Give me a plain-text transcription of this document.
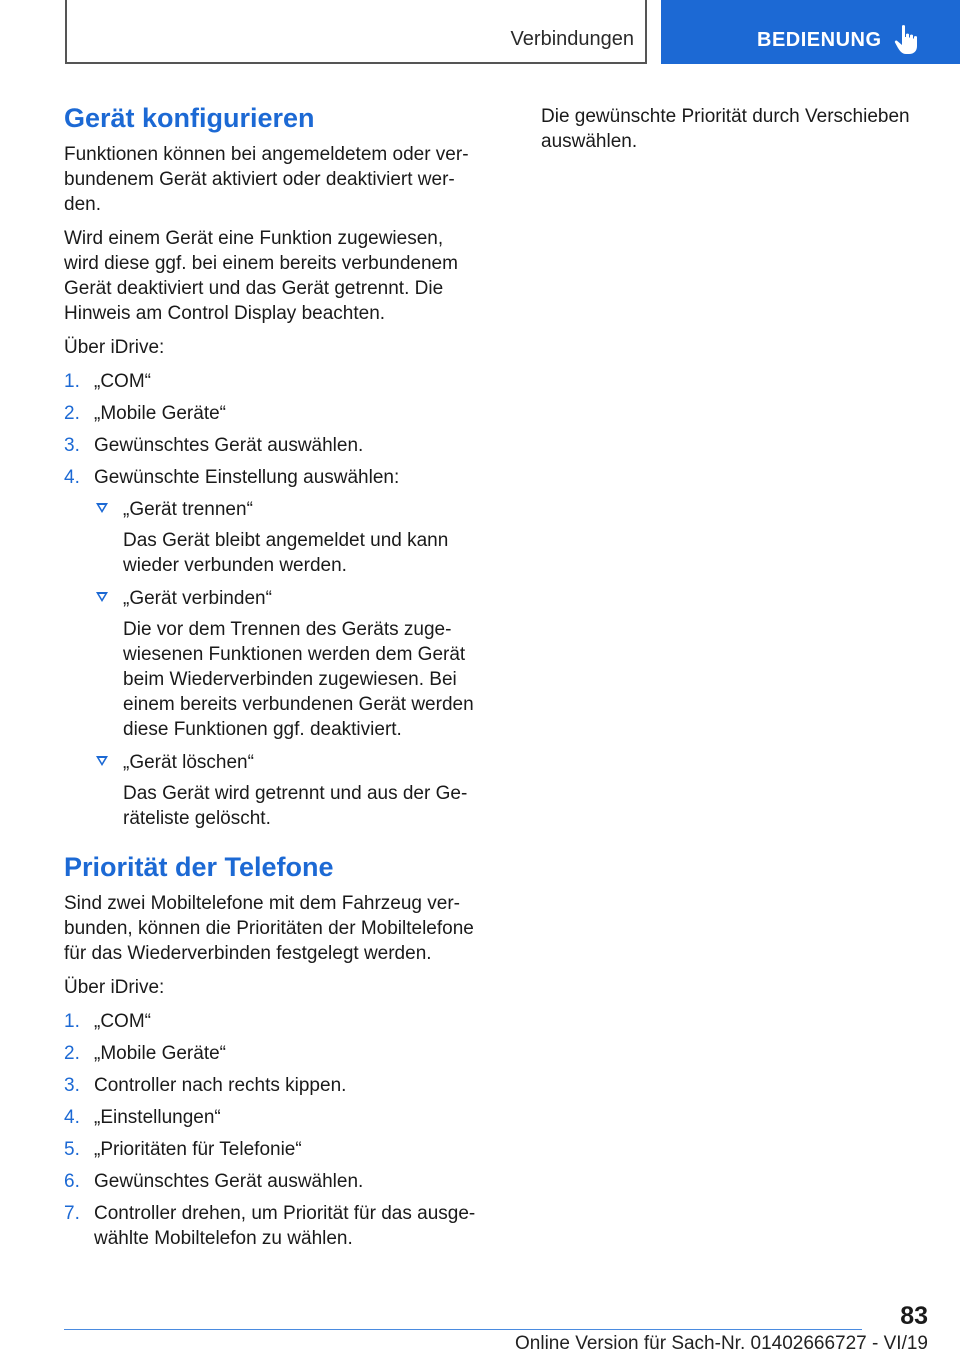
Verbindungen	BEDIENUNG
Gerät konfigurieren

Funktionen können bei angemeldetem oder ver-bundenem Gerät aktiviert oder deaktiviert wer-den.

Wird einem Gerät eine Funktion zugewiesen, wird diese ggf. bei einem bereits verbundenem Gerät deaktiviert und das Gerät getrennt. Die Hinweis am Control Display beachten.

Über iDrive:

1. „COM“
2. „Mobile Geräte“
3. Gewünschtes Gerät auswählen.
4. Gewünschte Einstellung auswählen:
„Gerät trennen“
Das Gerät bleibt angemeldet und kann wieder verbunden werden.
„Gerät verbinden“
Die vor dem Trennen des Geräts zuge-wiesenen Funktionen werden dem Gerät beim Wiederverbinden zugewiesen. Bei einem bereits verbundenen Gerät werden diese Funktionen ggf. deaktiviert.
„Gerät löschen“
Das Gerät wird getrennt und aus der Ge-räteliste gelöscht.
Priorität der Telefone

Sind zwei Mobiltelefone mit dem Fahrzeug ver-bunden, können die Prioritäten der Mobiltelefone für das Wiederverbinden festgelegt werden.

Über iDrive:

1. „COM“
2. „Mobile Geräte“
3. Controller nach rechts kippen.
4. „Einstellungen“
5. „Prioritäten für Telefonie“
6. Gewünschtes Gerät auswählen.
7. Controller drehen, um Priorität für das ausge-wählte Mobiltelefon zu wählen.

Die gewünschte Priorität durch Verschieben auswählen.

83
Online Version für Sach-Nr. 01402666727 - VI/19
